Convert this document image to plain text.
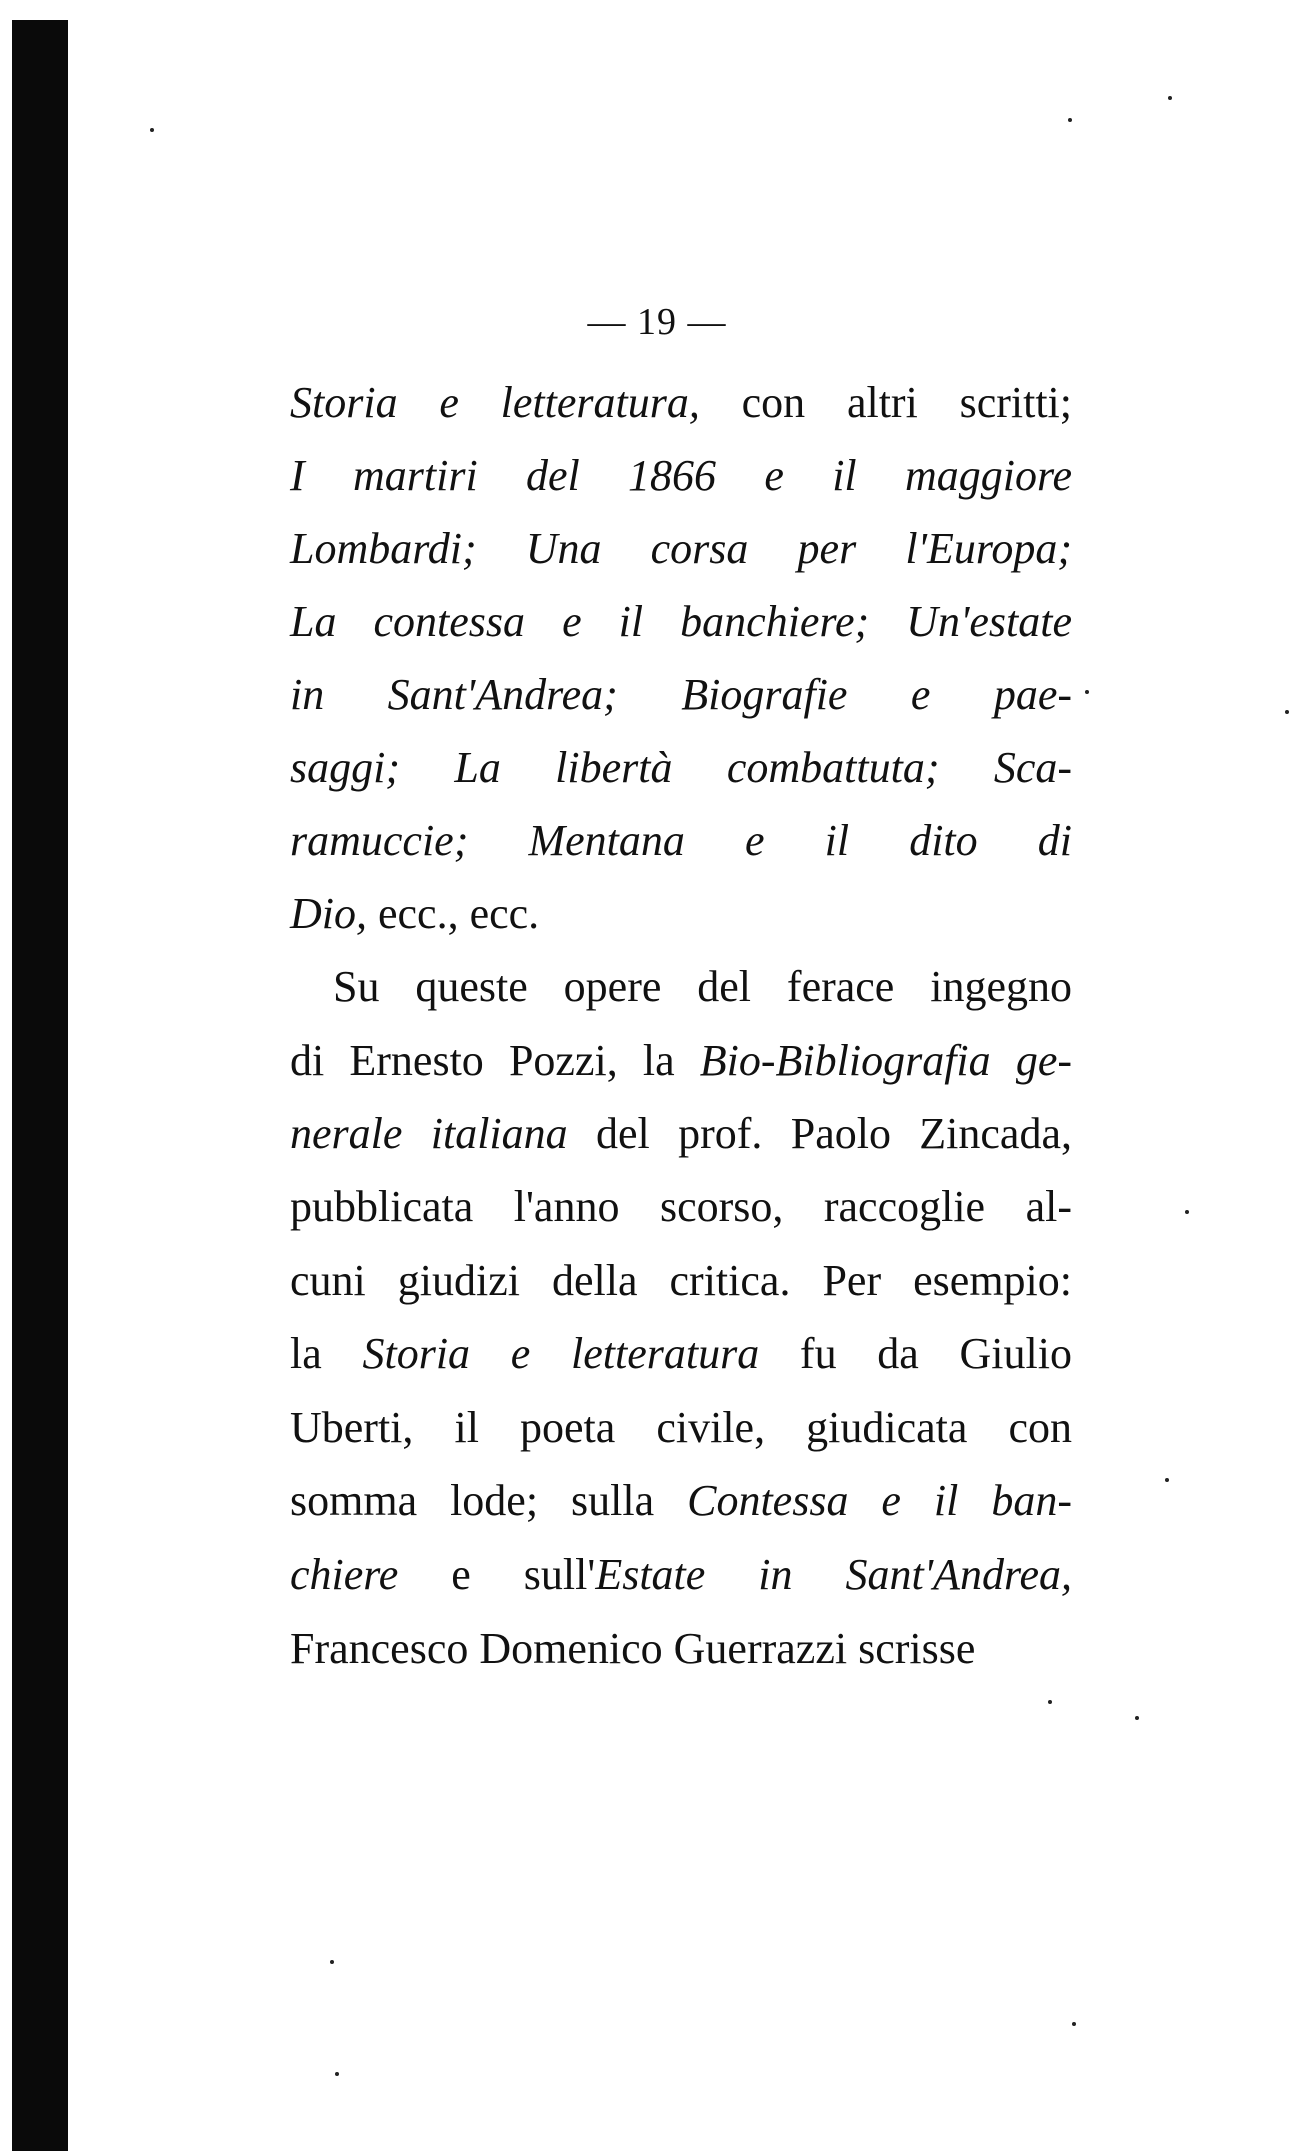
— 19 —
Storia e letteratura, con altri scritti;
I martiri del 1866 e il maggiore
Lombardi; Una corsa per l'Europa;
La contessa e il banchiere; Un'estate
in Sant'Andrea; Biografie e pae-
saggi; La libertà combattuta; Sca-
ramuccie; Mentana e il dito di
Dio, ecc., ecc.
Su queste opere del ferace ingegno
di Ernesto Pozzi, la Bio-Bibliografia ge-
nerale italiana del prof. Paolo Zincada,
pubblicata l'anno scorso, raccoglie al-
cuni giudizi della critica. Per esempio:
la Storia e letteratura fu da Giulio
Uberti, il poeta civile, giudicata con
somma lode; sulla Contessa e il ban-
chiere e sull'Estate in Sant'Andrea,
Francesco Domenico Guerrazzi scrisse
